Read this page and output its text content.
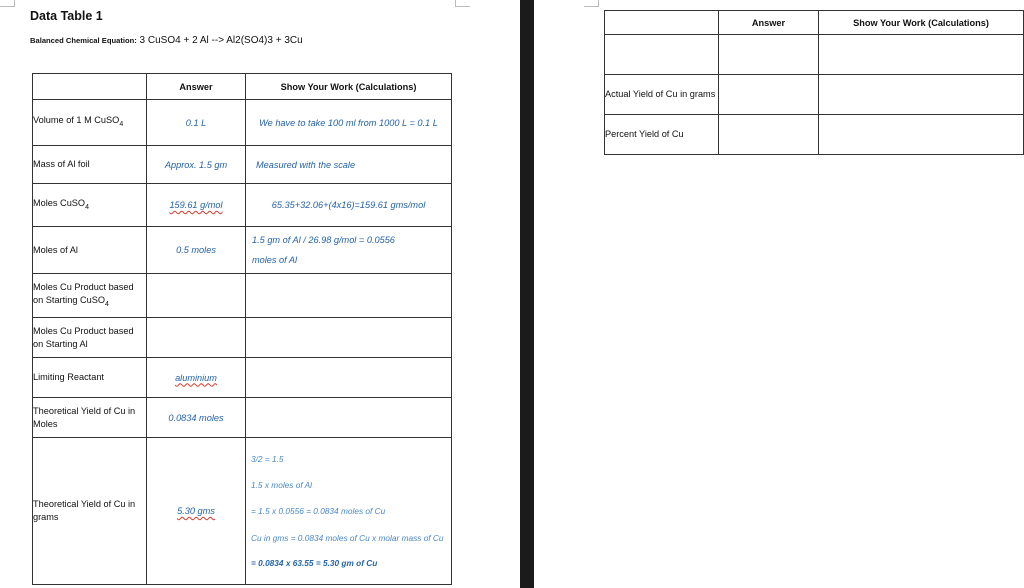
Data Table 1
Balanced Chemical Equation: 3 CuSO4 + 2 Al --> Al2(SO4)3 + 3Cu
	Answer	Show Your Work (Calculations)
Volume of 1 M CuSO$_4$	0.1 L	We have to take 100 ml from 1000 L = 0.1 L
Mass of Al foil	Approx. 1.5 gm	Measured with the scale
Moles CuSO$_4$	159.61 g/mol	65.35+32.06+(4x16)=159.61 gms/mol
Moles of Al	0.5 moles	1.5 gm of Al / 26.98 g/mol = 0.0556
moles of Al

Moles Cu Product based on Starting CuSO$_4$		
Moles Cu Product based on Starting Al		
Limiting Reactant	aluminium	
Theoretical Yield of Cu in Moles	0.0834 moles	
Theoretical Yield of Cu in grams	5.30 gms	3/2 = 1.5
1.5 x moles of Al
= 1.5 x 0.0556 = 0.0834 moles of Cu
Cu in gms = 0.0834 moles of Cu x molar mass of Cu
= 0.0834 x 63.55 = 5.30 gm of Cu
	Answer	Show Your Work (Calculations)

Actual Yield of Cu in grams		
Percent Yield of Cu		
